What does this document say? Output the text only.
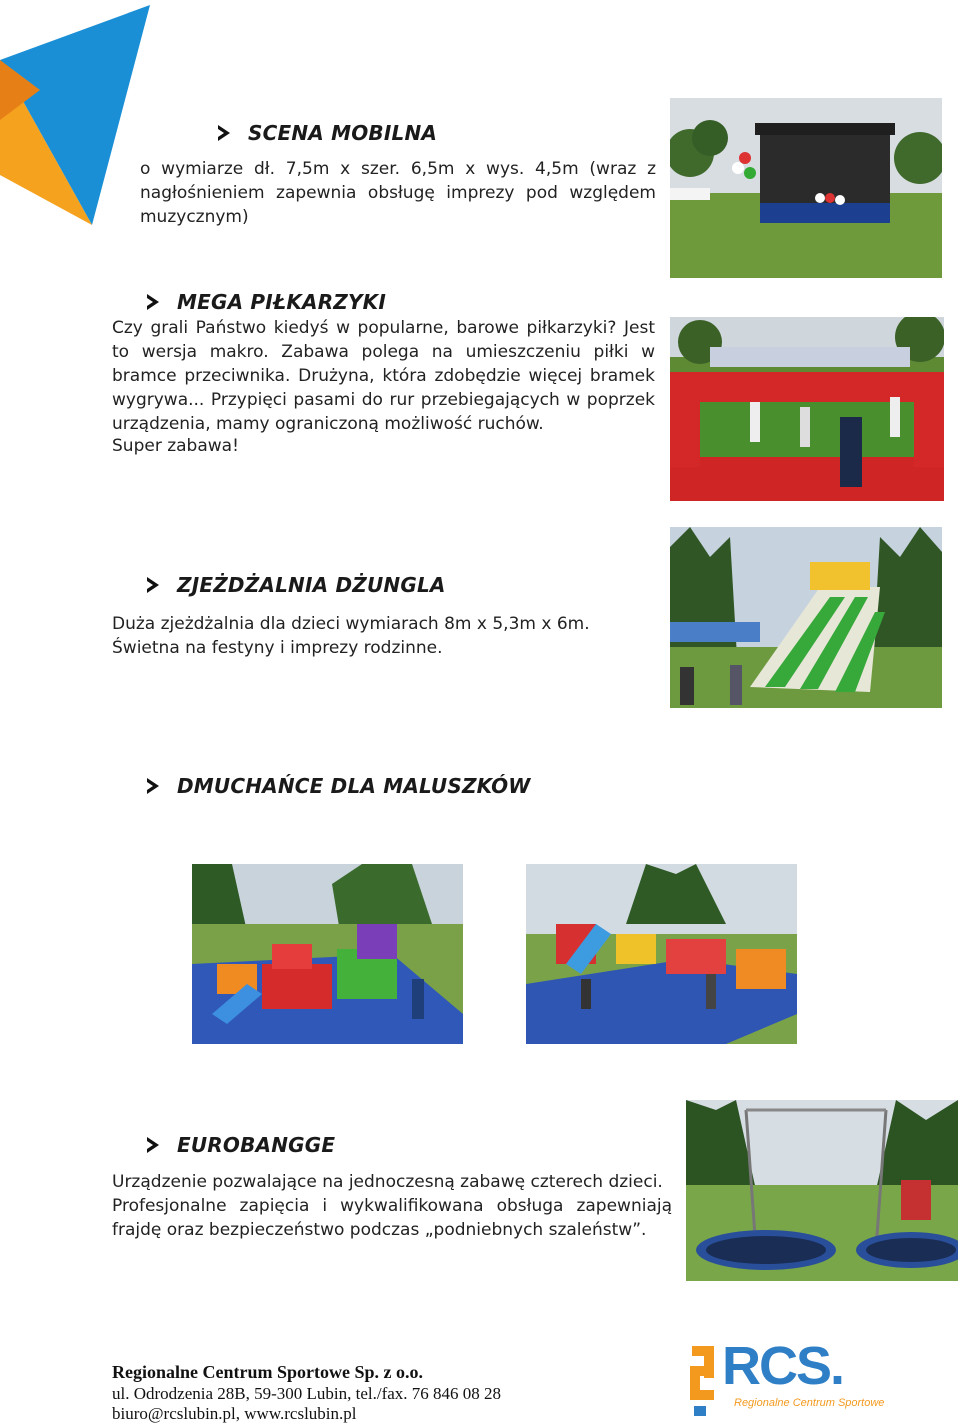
SCENA MOBILNA
o wymiarze dł. 7,5m x szer. 6,5m x wys. 4,5m (wraz z nagłośnieniem zapewnia obsługę imprezy pod względem muzycznym)
MEGA PIŁKARZYKI
Czy grali Państwo kiedyś w popularne, barowe piłkarzyki? Jest to wersja makro. Zabawa polega na umieszczeniu piłki w bramce przeciwnika. Drużyna, która zdobędzie więcej bramek wygrywa... Przypięci pasami do rur przebiegających w poprzek urządzenia, mamy ograniczoną możliwość ruchów.
Super zabawa!
ZJEŻDŻALNIA DŻUNGLA
Duża zjeżdżalnia dla dzieci wymiarach 8m x 5,3m x 6m.
Świetna na festyny i imprezy rodzinne.
DMUCHAŃCE DLA MALUSZKÓW
EUROBANGGE
Urządzenie pozwalające na jednoczesną zabawę czterech dzieci.
Profesjonalne zapięcia i wykwalifikowana obsługa zapewniają frajdę oraz bezpieczeństwo podczas „podniebnych szaleństw”.
Regionalne Centrum Sportowe Sp. z o.o.
ul. Odrodzenia 28B, 59-300 Lubin, tel./fax. 76 846 08 28
biuro@rcslubin.pl, www.rcslubin.pl
RCS.
Regionalne Centrum Sportowe
